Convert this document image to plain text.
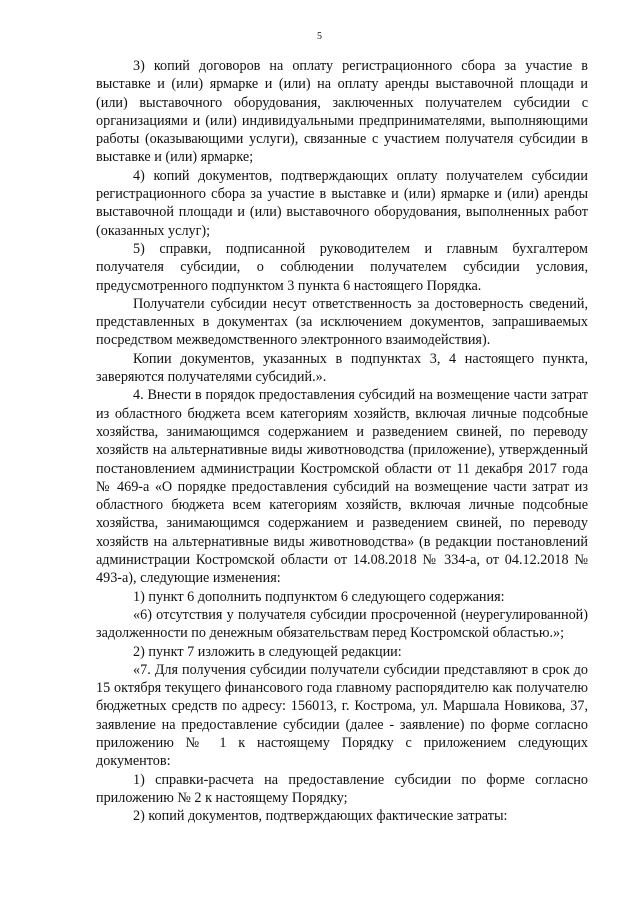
5

3) копий договоров на оплату регистрационного сбора за участие в выставке и (или) ярмарке и (или) на оплату аренды выставочной площади и (или) выставочного оборудования, заключенных получателем субсидии с организациями и (или) индивидуальными предпринимателями, выполняющими работы (оказывающими услуги), связанные с участием получателя субсидии в выставке и (или) ярмарке;

4) копий документов, подтверждающих оплату получателем субсидии регистрационного сбора за участие в выставке и (или) ярмарке и (или) аренды выставочной площади и (или) выставочного оборудования, выполненных работ (оказанных услуг);

5) справки, подписанной руководителем и главным бухгалтером получателя субсидии, о соблюдении получателем субсидии условия, предусмотренного подпунктом 3 пункта 6 настоящего Порядка.

Получатели субсидии несут ответственность за достоверность сведений, представленных в документах (за исключением документов, запрашиваемых посредством межведомственного электронного взаимодействия).

Копии документов, указанных в подпунктах 3, 4 настоящего пункта, заверяются получателями субсидий.».

4. Внести в порядок предоставления субсидий на возмещение части затрат из областного бюджета всем категориям хозяйств, включая личные подсобные хозяйства, занимающимся содержанием и разведением свиней, по переводу хозяйств на альтернативные виды животноводства (приложение), утвержденный постановлением администрации Костромской области от 11 декабря 2017 года № 469-а «О порядке предоставления субсидий на возмещение части затрат из областного бюджета всем категориям хозяйств, включая личные подсобные хозяйства, занимающимся содержанием и разведением свиней, по переводу хозяйств на альтернативные виды животноводства» (в редакции постановлений администрации Костромской области от 14.08.2018 № 334-а, от 04.12.2018 № 493-а), следующие изменения:

1) пункт 6 дополнить подпунктом 6 следующего содержания:

«6) отсутствия у получателя субсидии просроченной (неурегулированной) задолженности по денежным обязательствам перед Костромской областью.»;

2) пункт 7 изложить в следующей редакции:

«7. Для получения субсидии получатели субсидии представляют в срок до 15 октября текущего финансового года главному распорядителю как получателю бюджетных средств по адресу: 156013, г. Кострома, ул. Маршала Новикова, 37, заявление на предоставление субсидии (далее - заявление) по форме согласно приложению № 1 к настоящему Порядку с приложением следующих документов:

1) справки-расчета на предоставление субсидии по форме согласно приложению № 2 к настоящему Порядку;

2) копий документов, подтверждающих фактические затраты:
